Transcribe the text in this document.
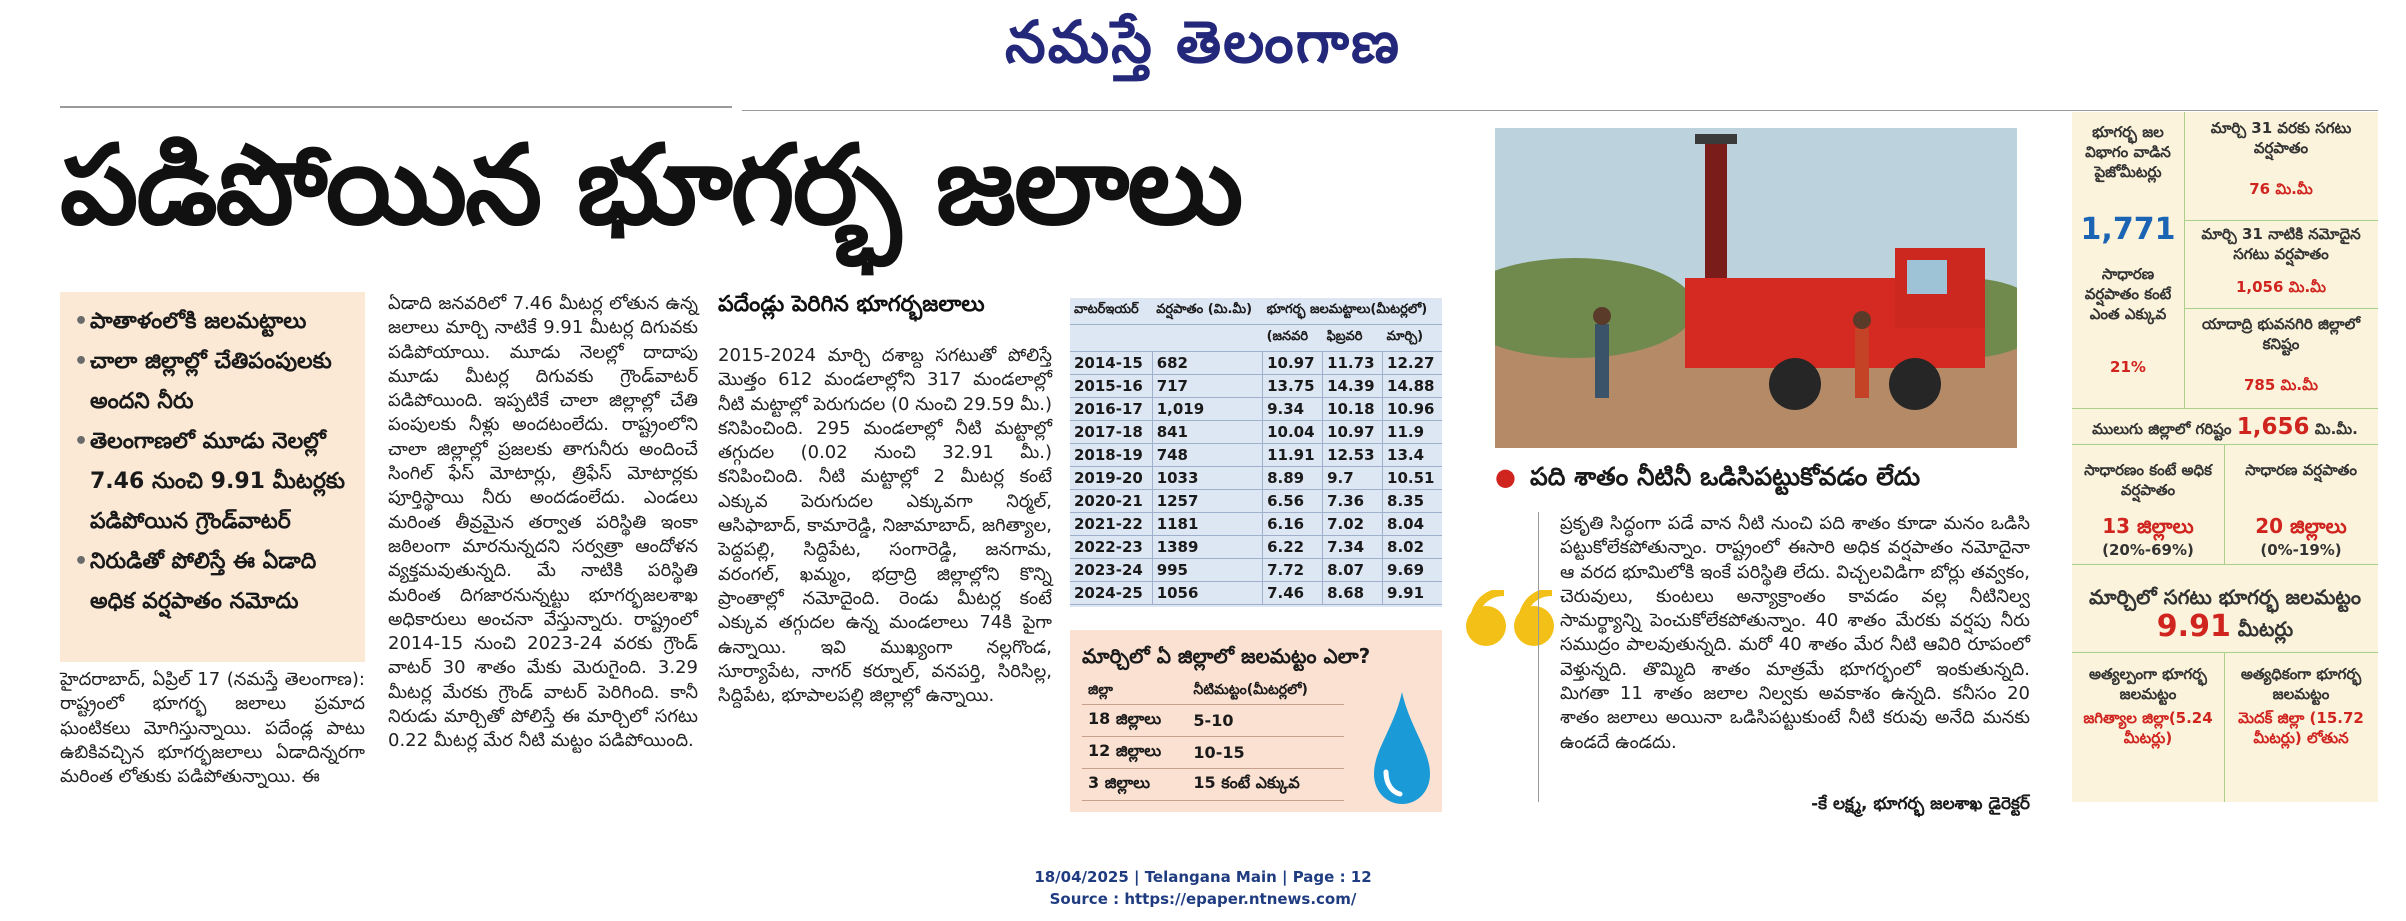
నమస్తే తెలంగాణ
పడిపోయిన భూగర్భ జలాలు
• పాతాళంలోకి జలమట్టాలు
• చాలా జిల్లాల్లో చేతిపంపులకు అందని నీరు
• తెలంగాణలో మూడు నెలల్లో 7.46 నుంచి 9.91 మీటర్లకు పడిపోయిన గ్రౌండ్‌వాటర్
• నిరుడితో పోలిస్తే ఈ ఏడాది అధిక వర్షపాతం నమోదు
హైదరాబాద్, ఏప్రిల్ 17 (నమస్తే తెలంగాణ): రాష్ట్రంలో భూగర్భ జలాలు ప్రమాద ఘంటికలు మోగిస్తున్నాయి. పదేండ్ల పాటు ఉబికివచ్చిన భూగర్భజలాలు ఏడాదిన్నరగా మరింత లోతుకు పడిపోతున్నాయి. ఈ
ఏడాది జనవరిలో 7.46 మీటర్ల లోతున ఉన్న జలాలు మార్చి నాటికే 9.91 మీటర్ల దిగువకు పడిపోయాయి. మూడు నెలల్లో దాదాపు మూడు మీటర్ల దిగువకు గ్రౌండ్‌వాటర్ పడిపోయింది. ఇప్పటికే చాలా జిల్లాల్లో చేతి పంపులకు నీళ్లు అందటంలేదు. రాష్ట్రంలోని చాలా జిల్లాల్లో ప్రజలకు తాగునీరు అందించే సింగిల్ ఫేస్ మోటార్లు, త్రిఫేస్ మోటార్లకు పూర్తిస్థాయి నీరు అందడంలేదు. ఎండలు మరింత తీవ్రమైన తర్వాత పరిస్థితి ఇంకా జఠిలంగా మారనున్నదని సర్వత్రా ఆందోళన వ్యక్తమవుతున్నది. మే నాటికి పరిస్థితి మరింత దిగజారనున్నట్టు భూగర్భజలశాఖ అధికారులు అంచనా వేస్తున్నారు. రాష్ట్రంలో 2014-15 నుంచి 2023-24 వరకు గ్రౌండ్ వాటర్ 30 శాతం మేకు మెరుగైంది. 3.29 మీటర్ల మేరకు గ్రౌండ్ వాటర్ పెరిగింది. కానీ నిరుడు మార్చితో పోలిస్తే ఈ మార్చిలో సగటు 0.22 మీటర్ల మేర నీటి మట్టం పడిపోయింది.
పదేండ్లు పెరిగిన భూగర్భజలాలు
2015-2024 మార్చి దశాబ్ద సగటుతో పోలిస్తే మొత్తం 612 మండలాల్లోని 317 మండలాల్లో నీటి మట్టాల్లో పెరుగుదల (0 నుంచి 29.59 మీ.) కనిపించింది. 295 మండలాల్లో నీటి మట్టాల్లో తగ్గుదల (0.02 నుంచి 32.91 మీ.) కనిపించింది. నీటి మట్టాల్లో 2 మీటర్ల కంటే ఎక్కువ పెరుగుదల ఎక్కువగా నిర్మల్, ఆసిఫాబాద్, కామారెడ్డి, నిజామాబాద్, జగిత్యాల, పెద్దపల్లి, సిద్దిపేట, సంగారెడ్డి, జనగామ, వరంగల్, ఖమ్మం, భద్రాద్రి జిల్లాల్లోని కొన్ని ప్రాంతాల్లో నమోదైంది. రెండు మీటర్ల కంటే ఎక్కువ తగ్గుదల ఉన్న మండలాలు 74కి పైగా ఉన్నాయి. ఇవి ముఖ్యంగా నల్లగొండ, సూర్యాపేట, నాగర్ కర్నూల్, వనపర్తి, సిరిసిల్ల, సిద్దిపేట, భూపాలపల్లి జిల్లాల్లో ఉన్నాయి.
వాటర్‌ఇయర్	వర్షపాతం (మి.మీ)	భూగర్భ జలమట్టాలు(మీటర్లలో)		
		(జనవరి	ఫిబ్రవరి	మార్చి)
2014-15	682	10.97	11.73	12.27
2015-16	717	13.75	14.39	14.88
2016-17	1,019	9.34	10.18	10.96
2017-18	841	10.04	10.97	11.9
2018-19	748	11.91	12.53	13.4
2019-20	1033	8.89	9.7	10.51
2020-21	1257	6.56	7.36	8.35
2021-22	1181	6.16	7.02	8.04
2022-23	1389	6.22	7.34	8.02
2023-24	995	7.72	8.07	9.69
2024-25	1056	7.46	8.68	9.91
మార్చిలో ఏ జిల్లాలో జలమట్టం ఎలా?
జిల్లా	నీటిమట్టం(మీటర్లలో)
18 జిల్లాలు	5-10
12 జిల్లాలు	10-15
3 జిల్లాలు	15 కంటే ఎక్కువ
● పది శాతం నీటినీ ఒడిసిపట్టుకోవడం లేదు
ప్రకృతి సిద్ధంగా పడే వాన నీటి నుంచి పది శాతం కూడా మనం ఒడిసి పట్టుకోలేకపోతున్నాం. రాష్ట్రంలో ఈసారి అధిక వర్షపాతం నమోదైనా ఆ వరద భూమిలోకి ఇంకే పరిస్థితి లేదు. విచ్చలవిడిగా బోర్లు తవ్వకం, చెరువులు, కుంటలు అన్యాక్రాంతం కావడం వల్ల నీటినిల్వ సామర్థ్యాన్ని పెంచుకోలేకపోతున్నాం. 40 శాతం మేరకు వర్షపు నీరు సముద్రం పాలవుతున్నది. మరో 40 శాతం మేర నీటి ఆవిరి రూపంలో వెళ్తున్నది. తొమ్మిది శాతం మాత్రమే భూగర్భంలో ఇంకుతున్నది. మిగతా 11 శాతం జలాల నిల్వకు అవకాశం ఉన్నది. కనీసం 20 శాతం జలాలు అయినా ఒడిసిపట్టుకుంటే నీటి కరువు అనేది మనకు ఉండదే ఉండదు.
-కే లక్ష్మ, భూగర్భ జలశాఖ డైరెక్టర్
భూగర్భ జల విభాగం వాడిన పైజోమీటర్లు
1,771
సాధారణ వర్షపాతం కంటే ఎంత ఎక్కువ
21%
మార్చి 31 వరకు సగటు వర్షపాతం
76 మి.మీ
మార్చి 31 నాటికి నమోదైన సగటు వర్షపాతం
1,056 మి.మీ
యాదాద్రి భువనగిరి జిల్లాలో కనిష్టం
785 మి.మీ
ములుగు జిల్లాలో గరిష్టం 1,656 మి.మీ.
సాధారణం కంటే అధిక వర్షపాతం
13 జిల్లాలు
(20%-69%)
సాధారణ వర్షపాతం
20 జిల్లాలు
(0%-19%)
మార్చిలో సగటు భూగర్భ జలమట్టం
9.91 మీటర్లు
అత్యల్పంగా భూగర్భ జలమట్టం
జగిత్యాల జిల్లా(5.24 మీటర్లు)
అత్యధికంగా భూగర్భ జలమట్టం
మెదక్ జిల్లా (15.72 మీటర్లు) లోతున
18/04/2025 | Telangana Main | Page : 12
Source : https://epaper.ntnews.com/
